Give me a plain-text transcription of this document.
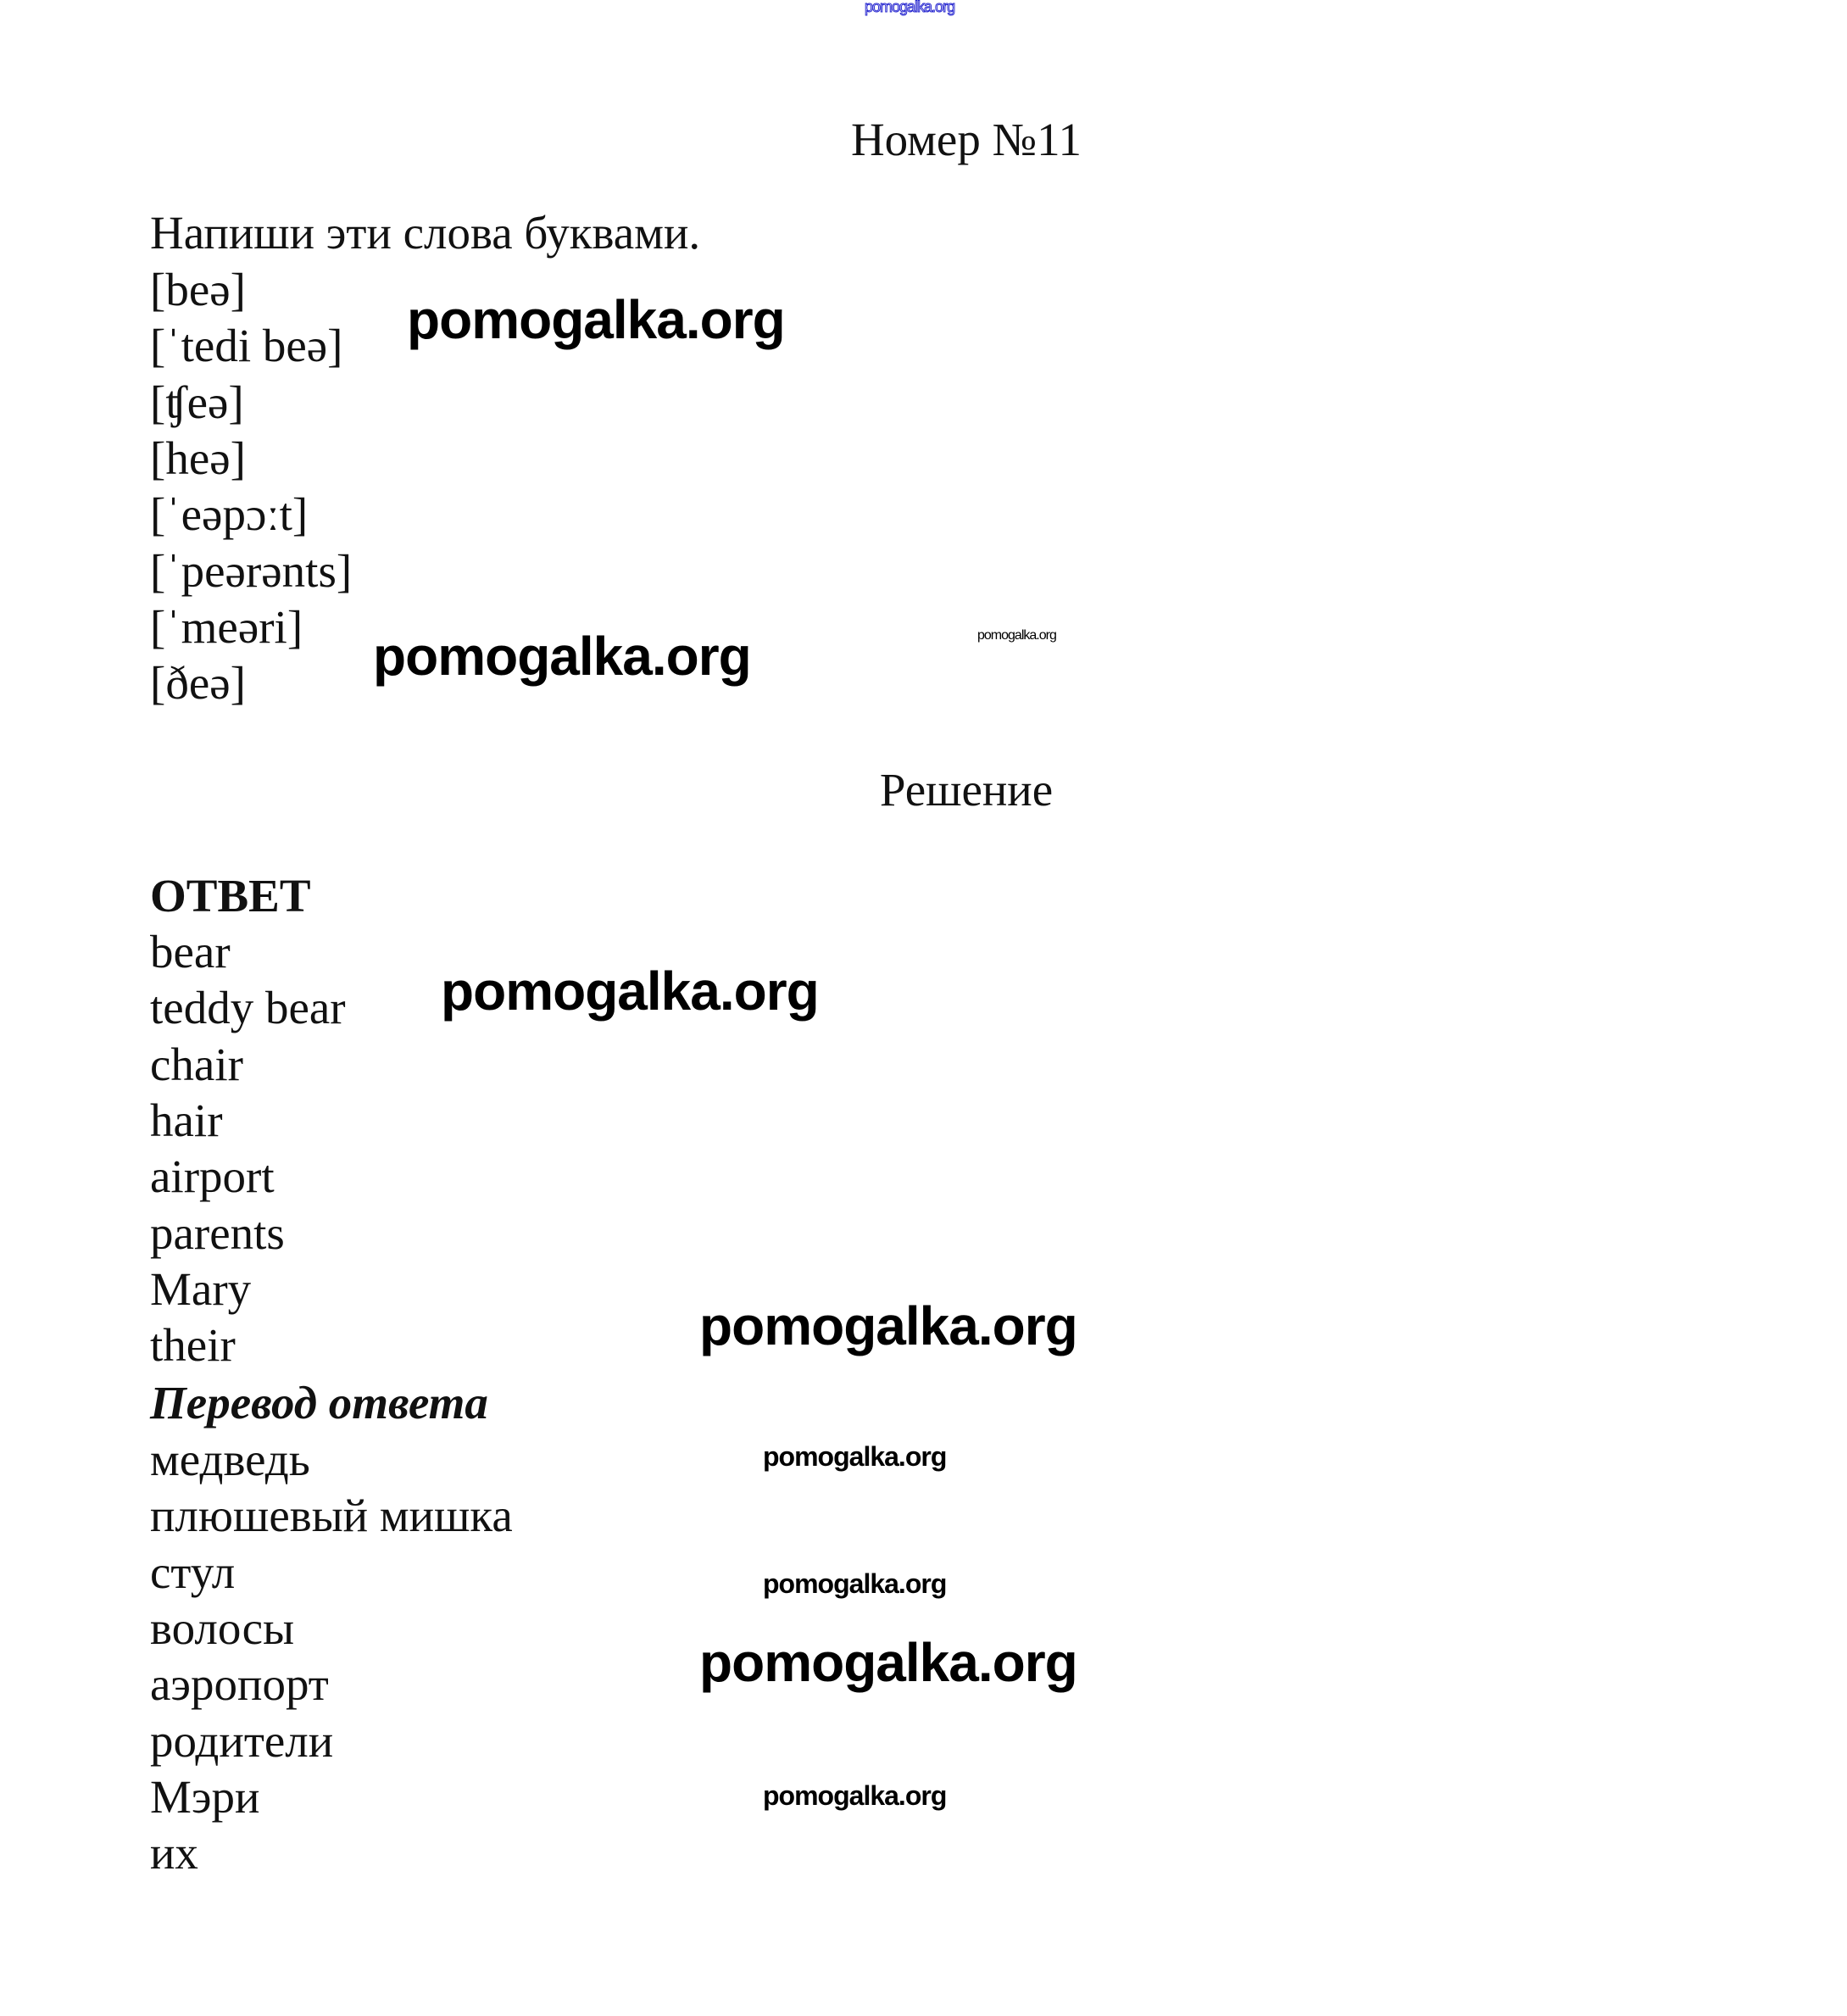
pomogalka.org
Номер №11
Напиши эти слова буквами.
[beə]
[ˈtedi beə]
[ʧeə]
[heə]
[ˈeəpɔːt]
[ˈpeərənts]
[ˈmeəri]
[ðeə]
Решение
ОТВЕТ
bear
teddy bear
chair
hair
airport
parents
Mary
their
Перевод ответа
медведь
плюшевый мишка
стул
волосы
аэропорт
родители
Мэри
их
pomogalka.org
pomogalka.org
pomogalka.org
pomogalka.org
pomogalka.org
pomogalka.org
pomogalka.org
pomogalka.org
pomogalka.org
